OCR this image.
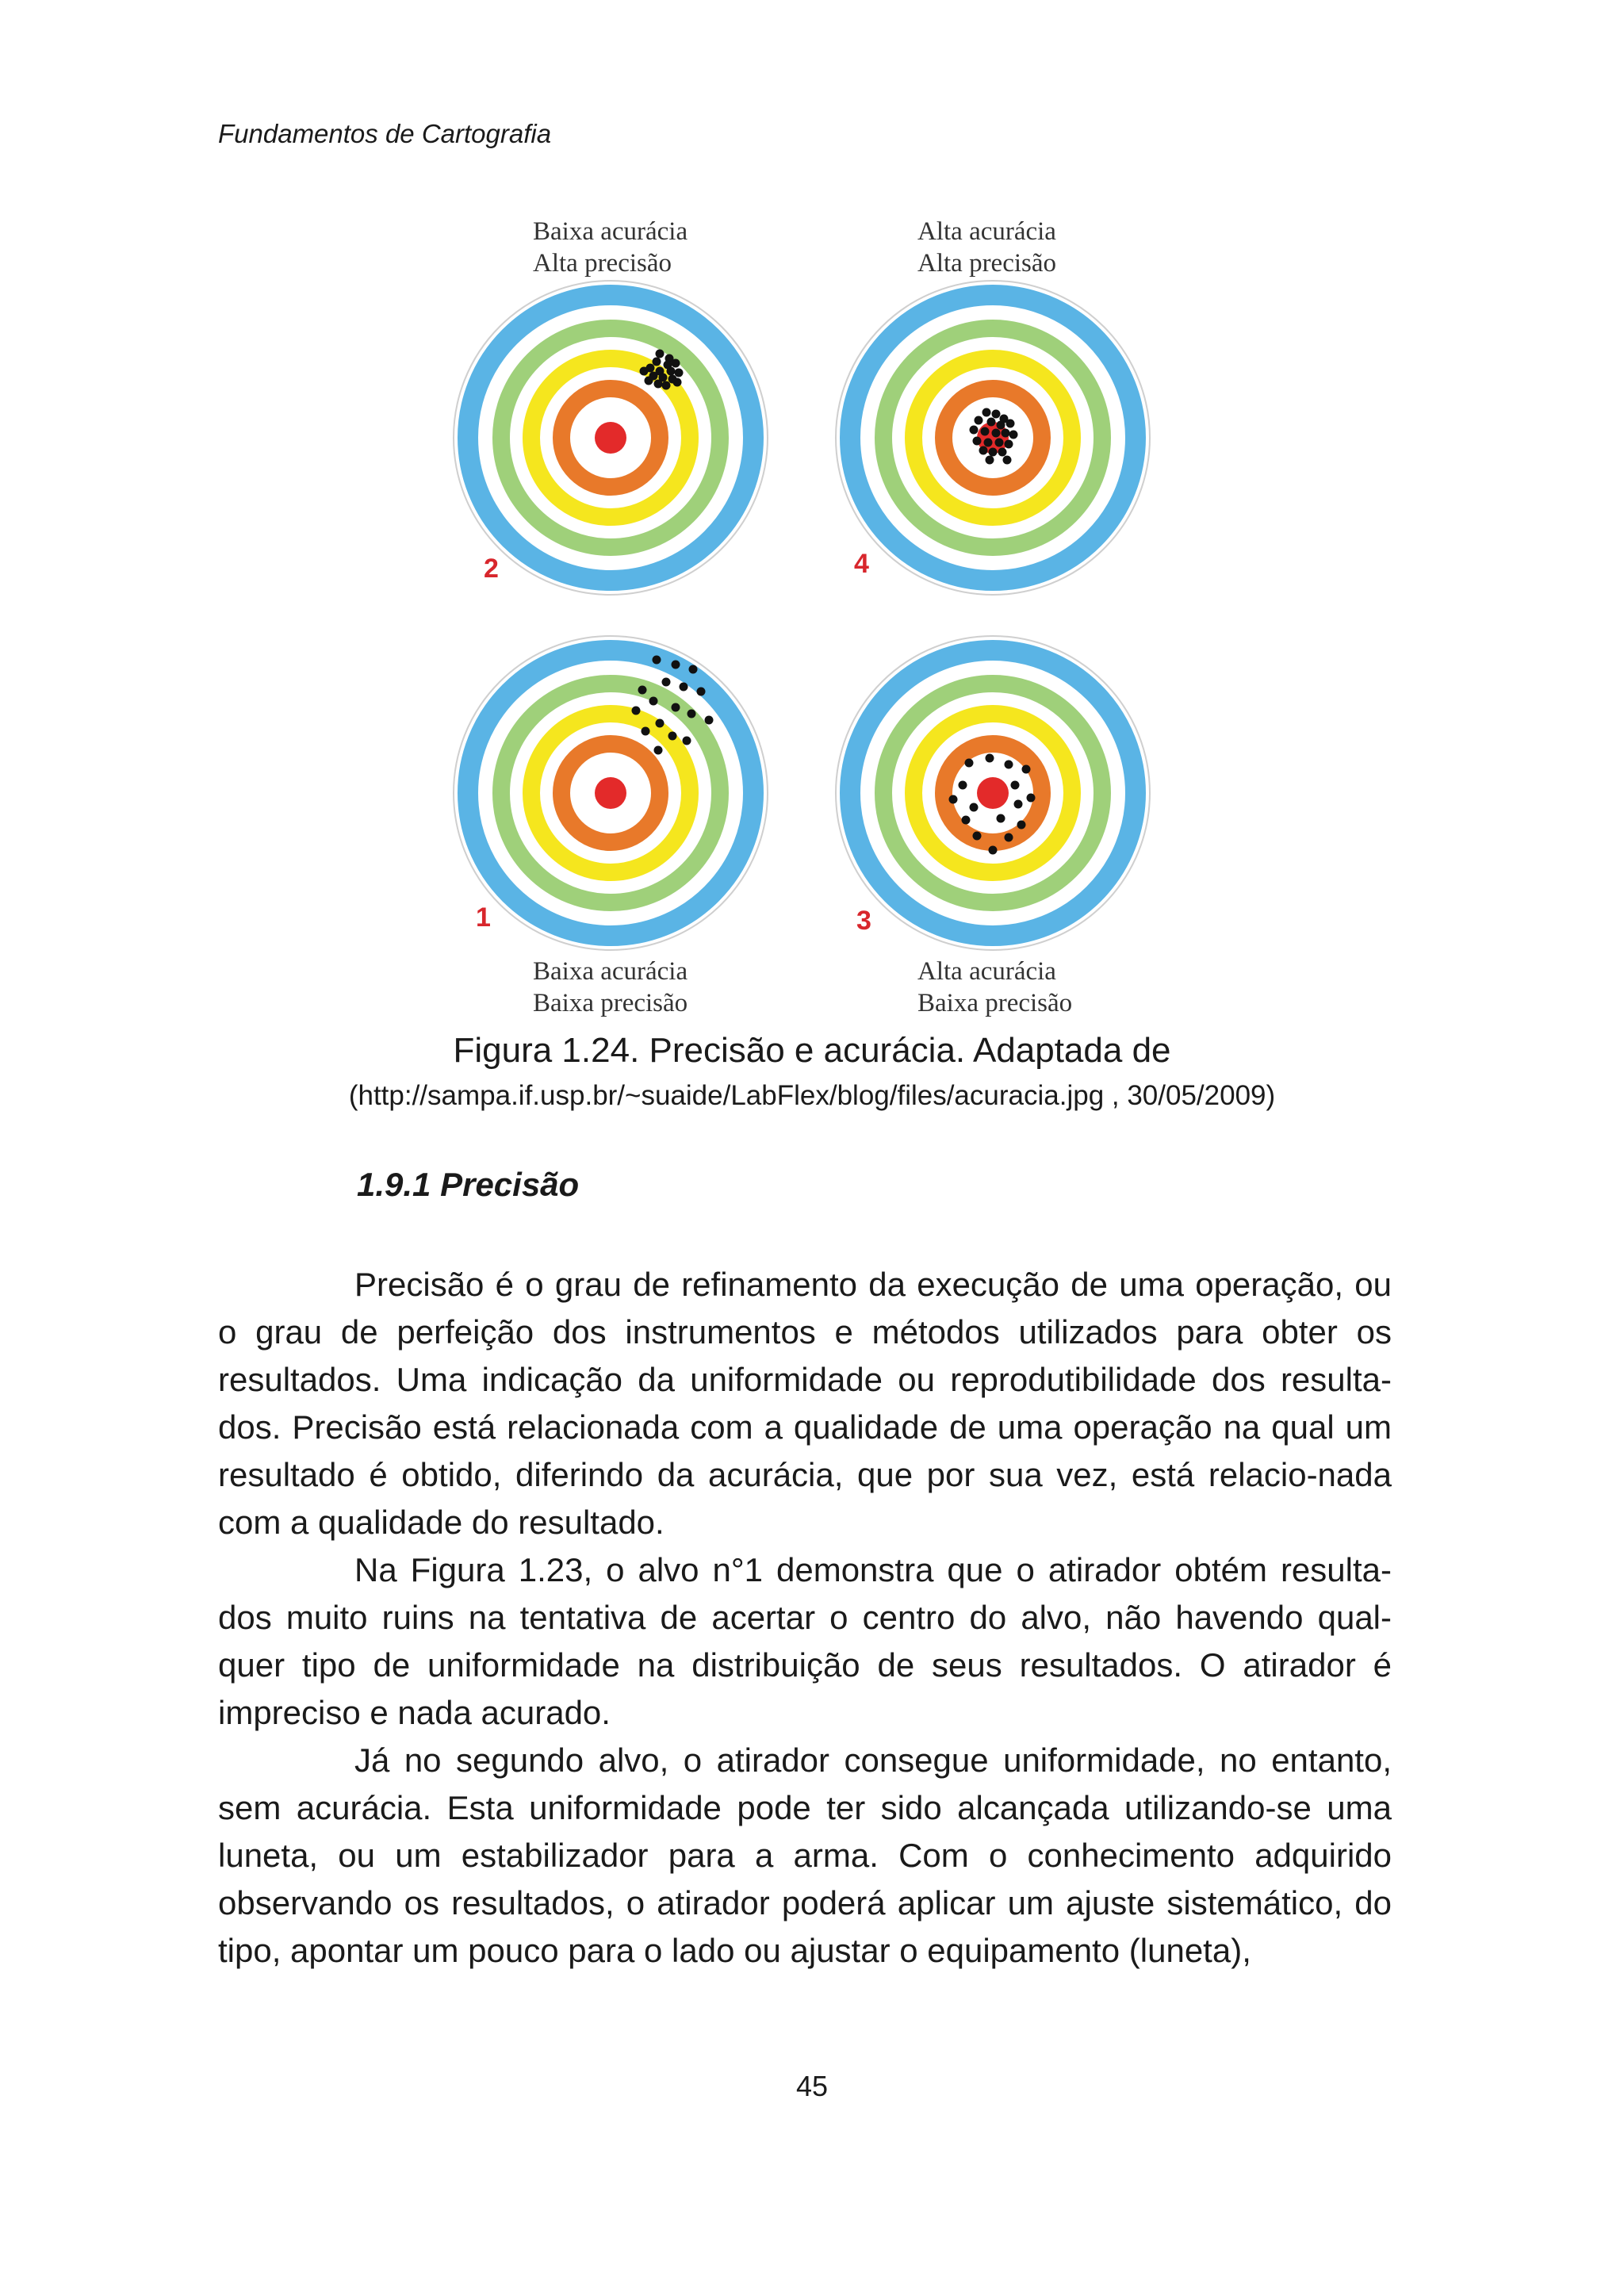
Fundamentos de Cartografia
Baixa acurácia
Alta precisão
Alta acurácia
Alta precisão
2	4
1	3
Baixa acurácia
Baixa precisão
Alta acurácia
Baixa precisão
Figura 1.24. Precisão e acurácia. Adaptada de
(http://sampa.if.usp.br/~suaide/LabFlex/blog/files/acuracia.jpg , 30/05/2009)
1.9.1 Precisão

Precisão é o grau de refinamento da execução de uma operação, ou o grau de perfeição dos instrumentos e métodos utilizados para obter os resultados. Uma indicação da uniformidade ou reprodutibilidade dos resulta-dos. Precisão está relacionada com a qualidade de uma operação na qual um resultado é obtido, diferindo da acurácia, que por sua vez, está relacio-nada com a qualidade do resultado.

Na Figura 1.23, o alvo n°1 demonstra que o atirador obtém resulta-dos muito ruins na tentativa de acertar o centro do alvo, não havendo qual-quer tipo de uniformidade na distribuição de seus resultados. O atirador é impreciso e nada acurado.

Já no segundo alvo, o atirador consegue uniformidade, no entanto, sem acurácia. Esta uniformidade pode ter sido alcançada utilizando-se uma luneta, ou um estabilizador para a arma. Com o conhecimento adquirido observando os resultados, o atirador poderá aplicar um ajuste sistemático, do tipo, apontar um pouco para o lado ou ajustar o equipamento (luneta),

45
